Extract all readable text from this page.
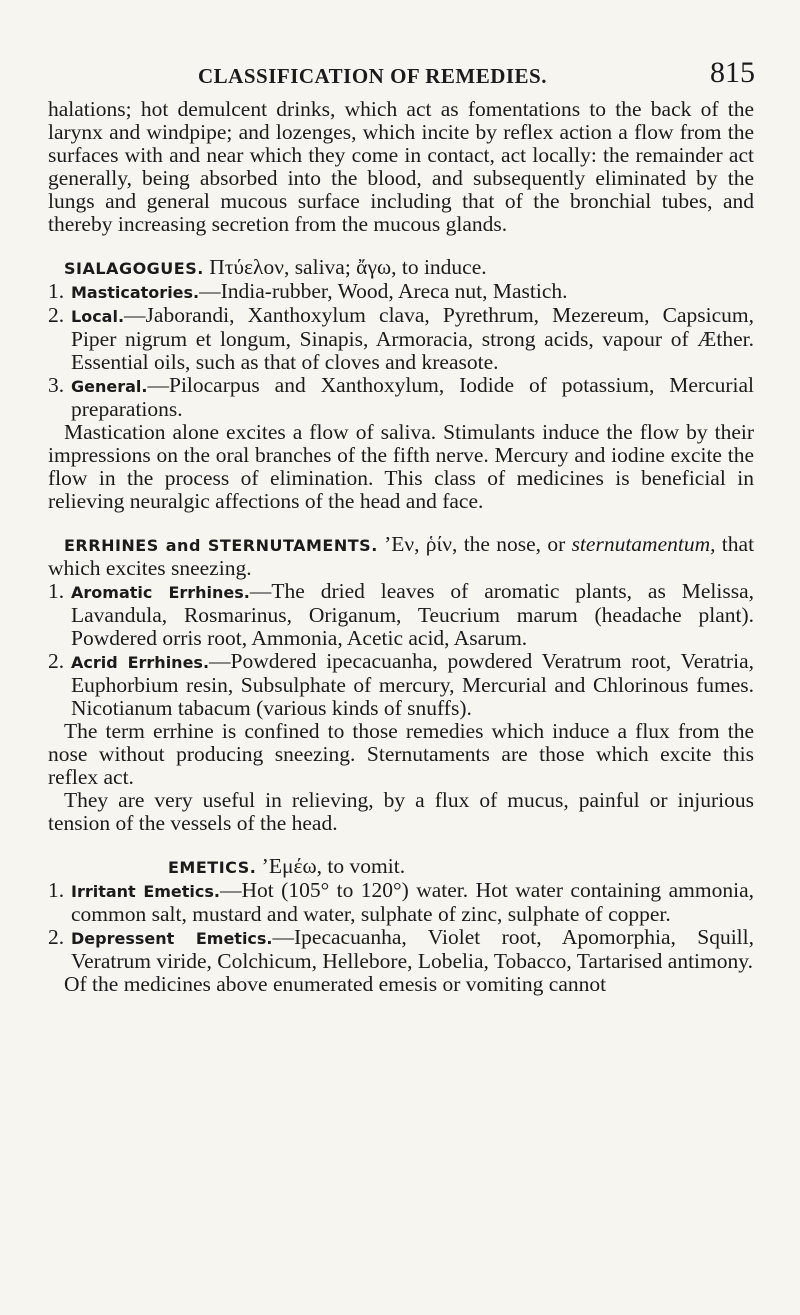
CLASSIFICATION OF REMEDIES.	815

halations; hot demulcent drinks, which act as fomentations to the back of the larynx and windpipe; and lozenges, which incite by reflex action a flow from the surfaces with and near which they come in contact, act locally: the remainder act generally, being absorbed into the blood, and subsequently eliminated by the lungs and general mucous surface including that of the bronchial tubes, and thereby increasing secretion from the mucous glands.

SIALAGOGUES. Πτύελον, saliva; ἄγω, to induce.

1. Masticatories.—India-rubber, Wood, Areca nut, Mastich.
2. Local.—Jaborandi, Xanthoxylum clava, Pyrethrum, Mezereum, Capsicum, Piper nigrum et longum, Sinapis, Armoracia, strong acids, vapour of Æther. Essential oils, such as that of cloves and kreasote.
3. General.—Pilocarpus and Xanthoxylum, Iodide of potassium, Mercurial preparations.

Mastication alone excites a flow of saliva. Stimulants induce the flow by their impressions on the oral branches of the fifth nerve. Mercury and iodine excite the flow in the process of elimination. This class of medicines is beneficial in relieving neuralgic affections of the head and face.

ERRHINES and STERNUTAMENTS. ’Εν, ῥίν, the nose, or sternutamentum, that which excites sneezing.

1. Aromatic Errhines.—The dried leaves of aromatic plants, as Melissa, Lavandula, Rosmarinus, Origanum, Teucrium marum (headache plant). Powdered orris root, Ammonia, Acetic acid, Asarum.
2. Acrid Errhines.—Powdered ipecacuanha, powdered Veratrum root, Veratria, Euphorbium resin, Subsulphate of mercury, Mercurial and Chlorinous fumes. Nicotianum tabacum (various kinds of snuffs).

The term errhine is confined to those remedies which induce a flux from the nose without producing sneezing. Sternutaments are those which excite this reflex act.

They are very useful in relieving, by a flux of mucus, painful or injurious tension of the vessels of the head.

EMETICS. ’Εμέω, to vomit.

1. Irritant Emetics.—Hot (105° to 120°) water. Hot water containing ammonia, common salt, mustard and water, sulphate of zinc, sulphate of copper.
2. Depressent Emetics.—Ipecacuanha, Violet root, Apomorphia, Squill, Veratrum viride, Colchicum, Hellebore, Lobelia, Tobacco, Tartarised antimony.

Of the medicines above enumerated emesis or vomiting cannot
